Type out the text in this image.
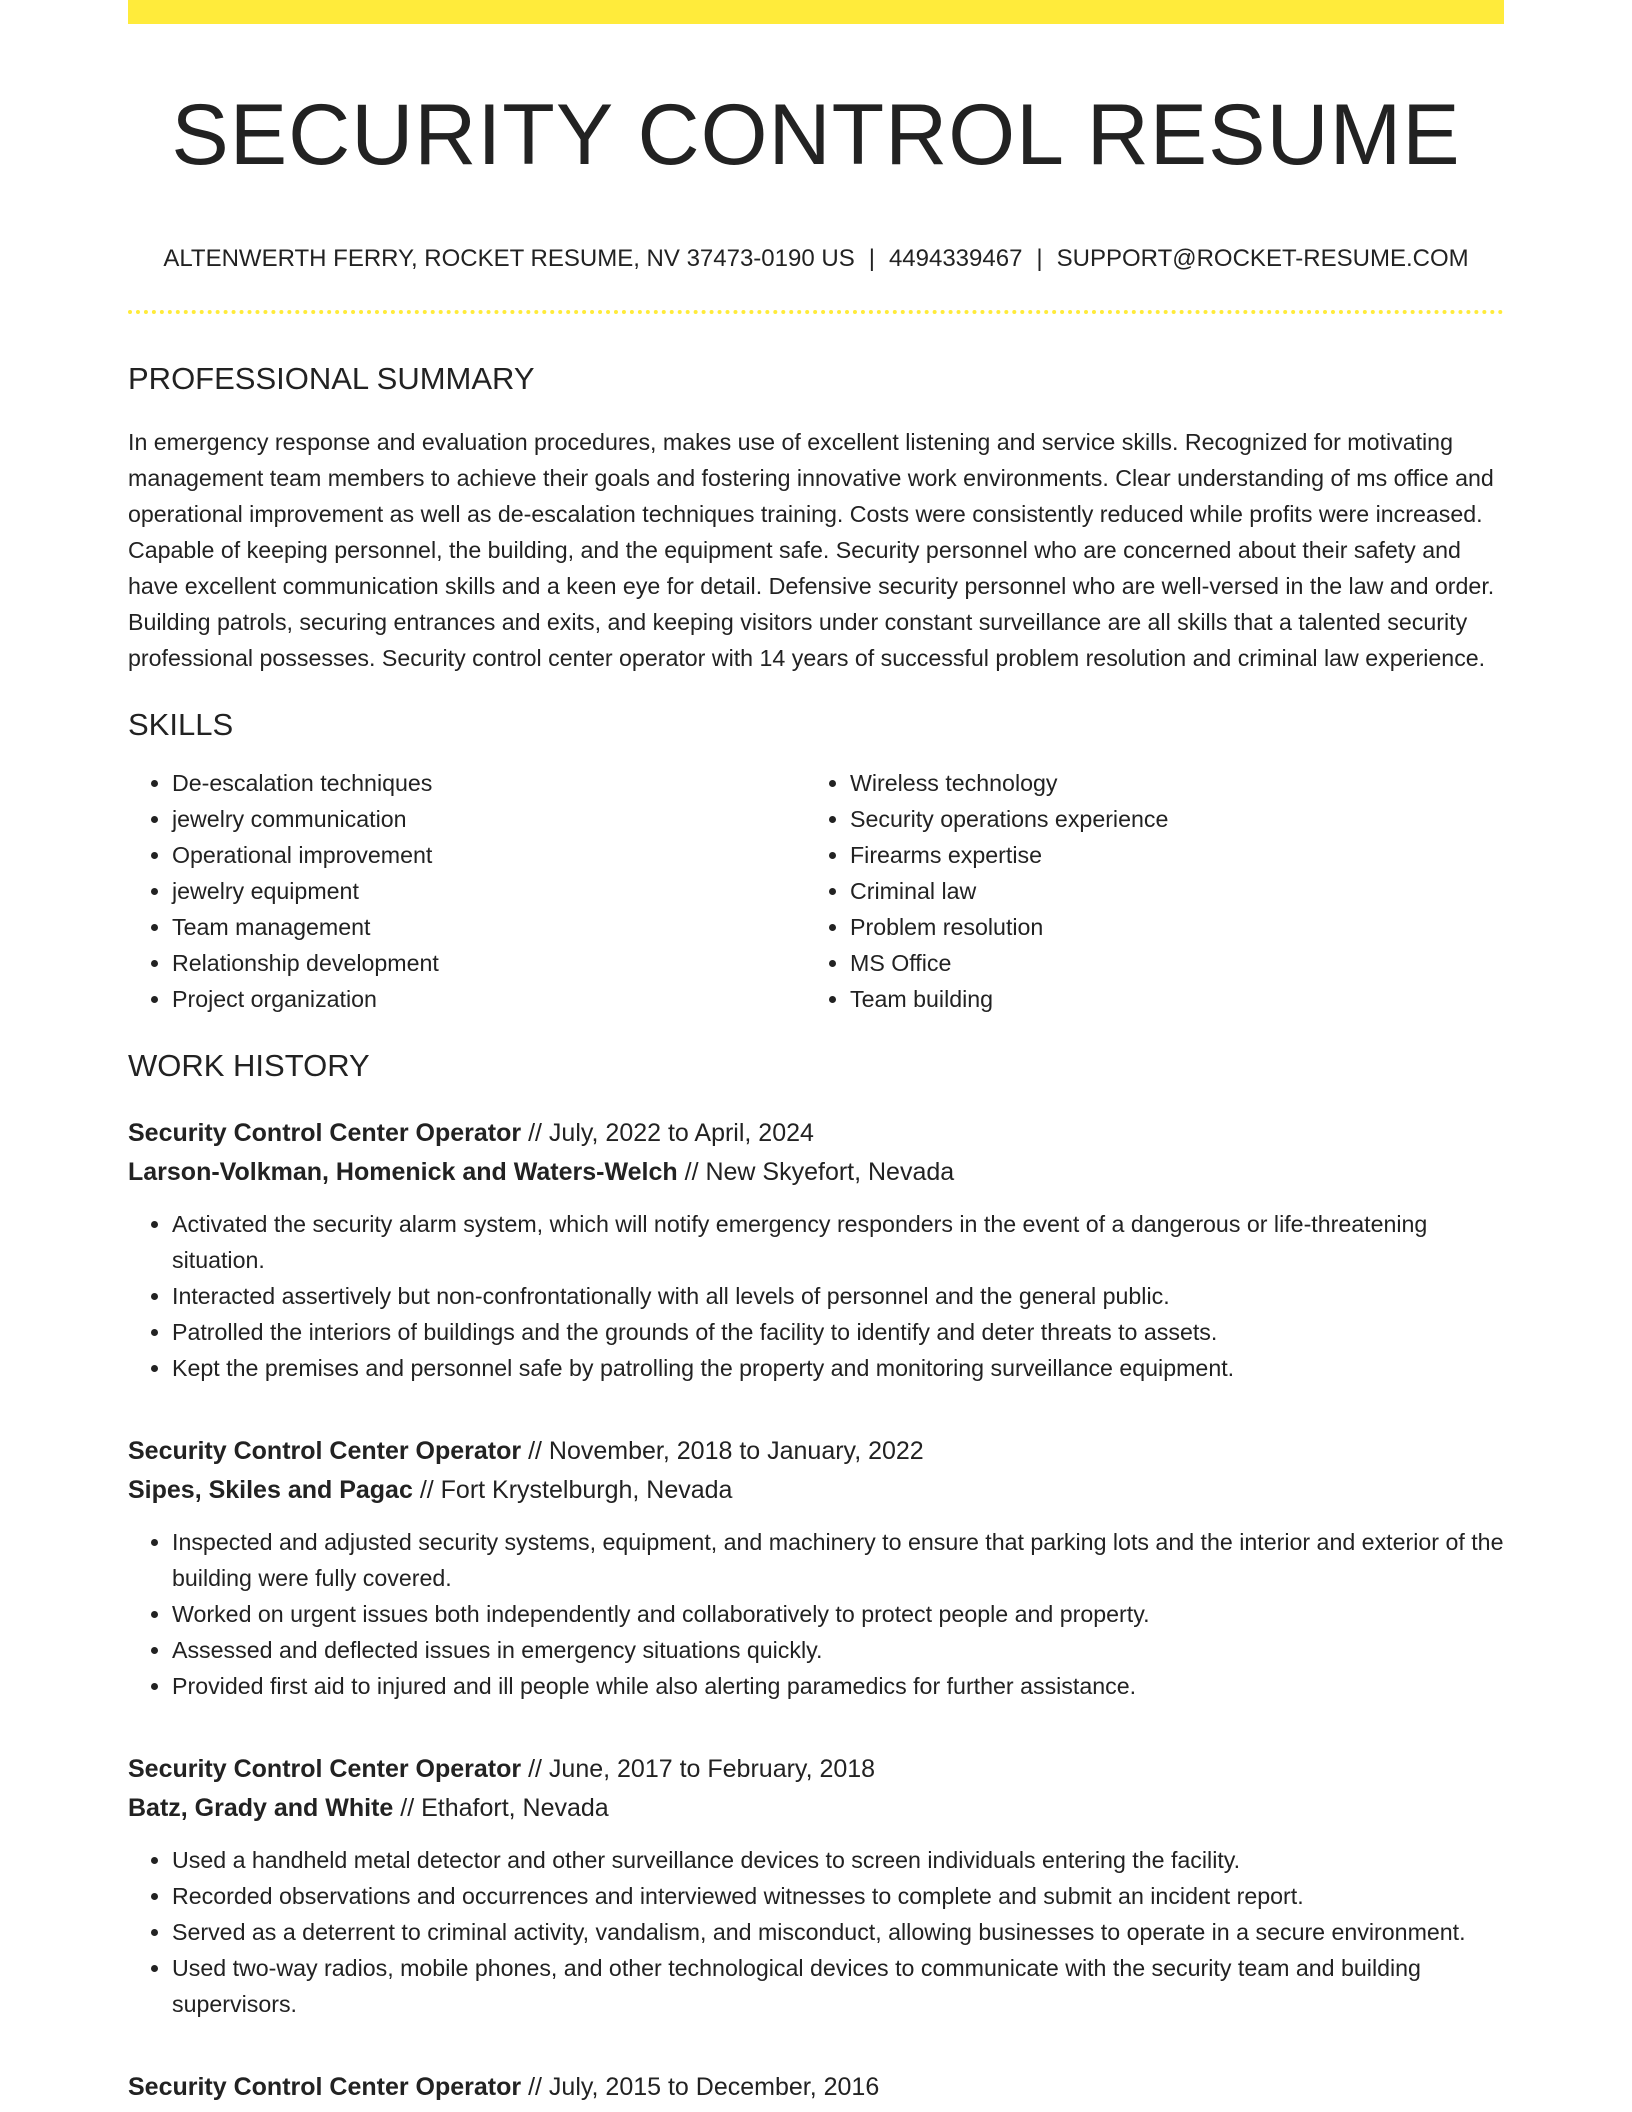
SECURITY CONTROL RESUME
ALTENWERTH FERRY, ROCKET RESUME, NV 37473-0190 US | 4494339467 | SUPPORT@ROCKET-RESUME.COM
PROFESSIONAL SUMMARY

In emergency response and evaluation procedures, makes use of excellent listening and service skills. Recognized for motivating management team members to achieve their goals and fostering innovative work environments. Clear understanding of ms office and operational improvement as well as de-escalation techniques training. Costs were consistently reduced while profits were increased. Capable of keeping personnel, the building, and the equipment safe. Security personnel who are concerned about their safety and have excellent communication skills and a keen eye for detail. Defensive security personnel who are well-versed in the law and order. Building patrols, securing entrances and exits, and keeping visitors under constant surveillance are all skills that a talented security professional possesses. Security control center operator with 14 years of successful problem resolution and criminal law experience.

SKILLS
• De-escalation techniques
• jewelry communication
• Operational improvement
• jewelry equipment
• Team management
• Relationship development
• Project organization
• Wireless technology
• Security operations experience
• Firearms expertise
• Criminal law
• Problem resolution
• MS Office
• Team building
WORK HISTORY
Security Control Center Operator // July, 2022 to April, 2024
Larson-Volkman, Homenick and Waters-Welch // New Skyefort, Nevada
• Activated the security alarm system, which will notify emergency responders in the event of a dangerous or life-threatening situation.
• Interacted assertively but non-confrontationally with all levels of personnel and the general public.
• Patrolled the interiors of buildings and the grounds of the facility to identify and deter threats to assets.
• Kept the premises and personnel safe by patrolling the property and monitoring surveillance equipment.
Security Control Center Operator // November, 2018 to January, 2022
Sipes, Skiles and Pagac // Fort Krystelburgh, Nevada
• Inspected and adjusted security systems, equipment, and machinery to ensure that parking lots and the interior and exterior of the building were fully covered.
• Worked on urgent issues both independently and collaboratively to protect people and property.
• Assessed and deflected issues in emergency situations quickly.
• Provided first aid to injured and ill people while also alerting paramedics for further assistance.
Security Control Center Operator // June, 2017 to February, 2018
Batz, Grady and White // Ethafort, Nevada
• Used a handheld metal detector and other surveillance devices to screen individuals entering the facility.
• Recorded observations and occurrences and interviewed witnesses to complete and submit an incident report.
• Served as a deterrent to criminal activity, vandalism, and misconduct, allowing businesses to operate in a secure environment.
• Used two-way radios, mobile phones, and other technological devices to communicate with the security team and building supervisors.
Security Control Center Operator // July, 2015 to December, 2016
